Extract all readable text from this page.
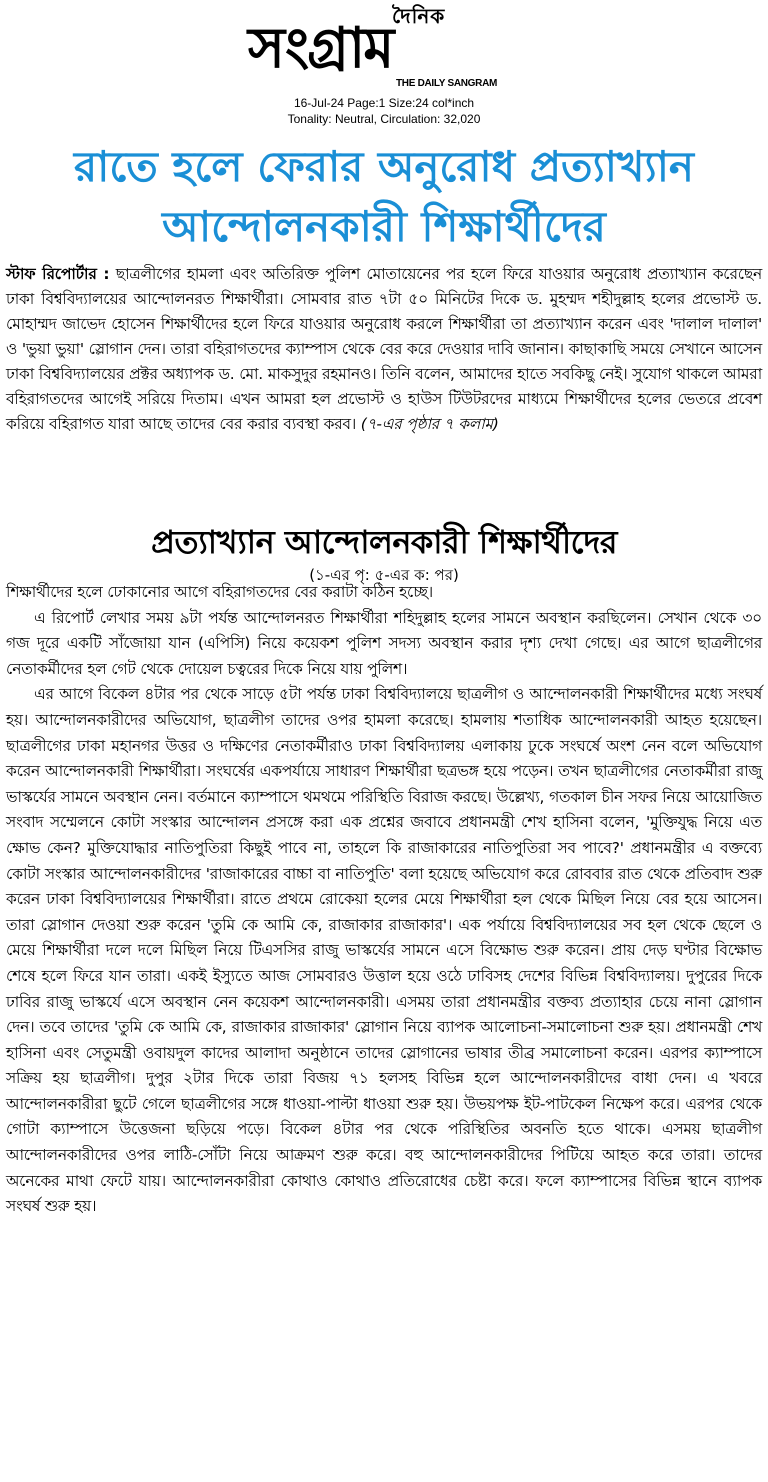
দৈনিক
সংগ্রাম
THE DAILY SANGRAM
16-Jul-24 Page:1 Size:24 col*inch
Tonality: Neutral, Circulation: 32,020
রাতে হলে ফেরার অনুরোধ প্রত্যাখ্যান
আন্দোলনকারী শিক্ষার্থীদের
স্টাফ রিপোর্টার : ছাত্রলীগের হামলা এবং অতিরিক্ত পুলিশ মোতায়েনের পর হলে ফিরে যাওয়ার অনুরোধ প্রত্যাখ্যান করেছেন ঢাকা বিশ্ববিদ্যালয়ের আন্দোলনরত শিক্ষার্থীরা। সোমবার রাত ৭টা ৫০ মিনিটের দিকে ড. মুহম্মদ শহীদুল্লাহ হলের প্রভোস্ট ড. মোহাম্মদ জাভেদ হোসেন শিক্ষার্থীদের হলে ফিরে যাওয়ার অনুরোধ করলে শিক্ষার্থীরা তা প্রত্যাখ্যান করেন এবং 'দালাল দালাল' ও 'ভুয়া ভুয়া' স্লোগান দেন। তারা বহিরাগতদের ক্যাম্পাস থেকে বের করে দেওয়ার দাবি জানান। কাছাকাছি সময়ে সেখানে আসেন ঢাকা বিশ্ববিদ্যালয়ের প্রক্টর অধ্যাপক ড. মো. মাকসুদুর রহমানও। তিনি বলেন, আমাদের হাতে সবকিছু নেই। সুযোগ থাকলে আমরা বহিরাগতদের আগেই সরিয়ে দিতাম। এখন আমরা হল প্রভোস্ট ও হাউস টিউটরদের মাধ্যমে শিক্ষার্থীদের হলের ভেতরে প্রবেশ করিয়ে বহিরাগত যারা আছে তাদের বের করার ব্যবস্থা করব। (৭-এর পৃষ্ঠার ৭ কলাম)
প্রত্যাখ্যান আন্দোলনকারী শিক্ষার্থীদের
(১-এর পৃ: ৫-এর ক: পর)

শিক্ষার্থীদের হলে ঢোকানোর আগে বহিরাগতদের বের করাটা কঠিন হচ্ছে।

এ রিপোর্ট লেখার সময় ৯টা পর্যন্ত আন্দোলনরত শিক্ষার্থীরা শহিদুল্লাহ হলের সামনে অবস্থান করছিলেন। সেখান থেকে ৩০ গজ দূরে একটি সাঁজোয়া যান (এপিসি) নিয়ে কয়েকশ পুলিশ সদস্য অবস্থান করার দৃশ্য দেখা গেছে। এর আগে ছাত্রলীগের নেতাকর্মীদের হল গেট থেকে দোয়েল চত্বরের দিকে নিয়ে যায় পুলিশ।

এর আগে বিকেল ৪টার পর থেকে সাড়ে ৫টা পর্যন্ত ঢাকা বিশ্ববিদ্যালয়ে ছাত্রলীগ ও আন্দোলনকারী শিক্ষার্থীদের মধ্যে সংঘর্ষ হয়। আন্দোলনকারীদের অভিযোগ, ছাত্রলীগ তাদের ওপর হামলা করেছে। হামলায় শতাধিক আন্দোলনকারী আহত হয়েছেন। ছাত্রলীগের ঢাকা মহানগর উত্তর ও দক্ষিণের নেতাকর্মীরাও ঢাকা বিশ্ববিদ্যালয় এলাকায় ঢুকে সংঘর্ষে অংশ নেন বলে অভিযোগ করেন আন্দোলনকারী শিক্ষার্থীরা। সংঘর্ষের একপর্যায়ে সাধারণ শিক্ষার্থীরা ছত্রভঙ্গ হয়ে পড়েন। তখন ছাত্রলীগের নেতাকর্মীরা রাজু ভাস্কর্যের সামনে অবস্থান নেন। বর্তমানে ক্যাম্পাসে থমথমে পরিস্থিতি বিরাজ করছে। উল্লেখ্য, গতকাল চীন সফর নিয়ে আয়োজিত সংবাদ সম্মেলনে কোটা সংস্কার আন্দোলন প্রসঙ্গে করা এক প্রশ্নের জবাবে প্রধানমন্ত্রী শেখ হাসিনা বলেন, 'মুক্তিযুদ্ধ নিয়ে এত ক্ষোভ কেন? মুক্তিযোদ্ধার নাতিপুতিরা কিছুই পাবে না, তাহলে কি রাজাকারের নাতিপুতিরা সব পাবে?' প্রধানমন্ত্রীর এ বক্তব্যে কোটা সংস্কার আন্দোলনকারীদের 'রাজাকারের বাচ্চা বা নাতিপুতি' বলা হয়েছে অভিযোগ করে রোববার রাত থেকে প্রতিবাদ শুরু করেন ঢাকা বিশ্ববিদ্যালয়ের শিক্ষার্থীরা। রাতে প্রথমে রোকেয়া হলের মেয়ে শিক্ষার্থীরা হল থেকে মিছিল নিয়ে বের হয়ে আসেন। তারা স্লোগান দেওয়া শুরু করেন 'তুমি কে আমি কে, রাজাকার রাজাকার'। এক পর্যায়ে বিশ্ববিদ্যালয়ের সব হল থেকে ছেলে ও মেয়ে শিক্ষার্থীরা দলে দলে মিছিল নিয়ে টিএসসির রাজু ভাস্কর্যের সামনে এসে বিক্ষোভ শুরু করেন। প্রায় দেড় ঘণ্টার বিক্ষোভ শেষে হলে ফিরে যান তারা। একই ইস্যুতে আজ সোমবারও উত্তাল হয়ে ওঠে ঢাবিসহ দেশের বিভিন্ন বিশ্ববিদ্যালয়। দুপুরের দিকে ঢাবির রাজু ভাস্কর্যে এসে অবস্থান নেন কয়েকশ আন্দোলনকারী। এসময় তারা প্রধানমন্ত্রীর বক্তব্য প্রত্যাহার চেয়ে নানা স্লোগান দেন। তবে তাদের 'তুমি কে আমি কে, রাজাকার রাজাকার' স্লোগান নিয়ে ব্যাপক আলোচনা-সমালোচনা শুরু হয়। প্রধানমন্ত্রী শেখ হাসিনা এবং সেতুমন্ত্রী ওবায়দুল কাদের আলাদা অনুষ্ঠানে তাদের স্লোগানের ভাষার তীব্র সমালোচনা করেন। এরপর ক্যাম্পাসে সক্রিয় হয় ছাত্রলীগ। দুপুর ২টার দিকে তারা বিজয় ৭১ হলসহ বিভিন্ন হলে আন্দোলনকারীদের বাধা দেন। এ খবরে আন্দোলনকারীরা ছুটে গেলে ছাত্রলীগের সঙ্গে ধাওয়া-পাল্টা ধাওয়া শুরু হয়। উভয়পক্ষ ইট-পাটকেল নিক্ষেপ করে। এরপর থেকে গোটা ক্যাম্পাসে উত্তেজনা ছড়িয়ে পড়ে। বিকেল ৪টার পর থেকে পরিস্থিতির অবনতি হতে থাকে। এসময় ছাত্রলীগ আন্দোলনকারীদের ওপর লাঠি-সোঁটা নিয়ে আক্রমণ শুরু করে। বহু আন্দোলনকারীদের পিটিয়ে আহত করে তারা। তাদের অনেকের মাথা ফেটে যায়। আন্দোলনকারীরা কোথাও কোথাও প্রতিরোধের চেষ্টা করে। ফলে ক্যাম্পাসের বিভিন্ন স্থানে ব্যাপক সংঘর্ষ শুরু হয়।
